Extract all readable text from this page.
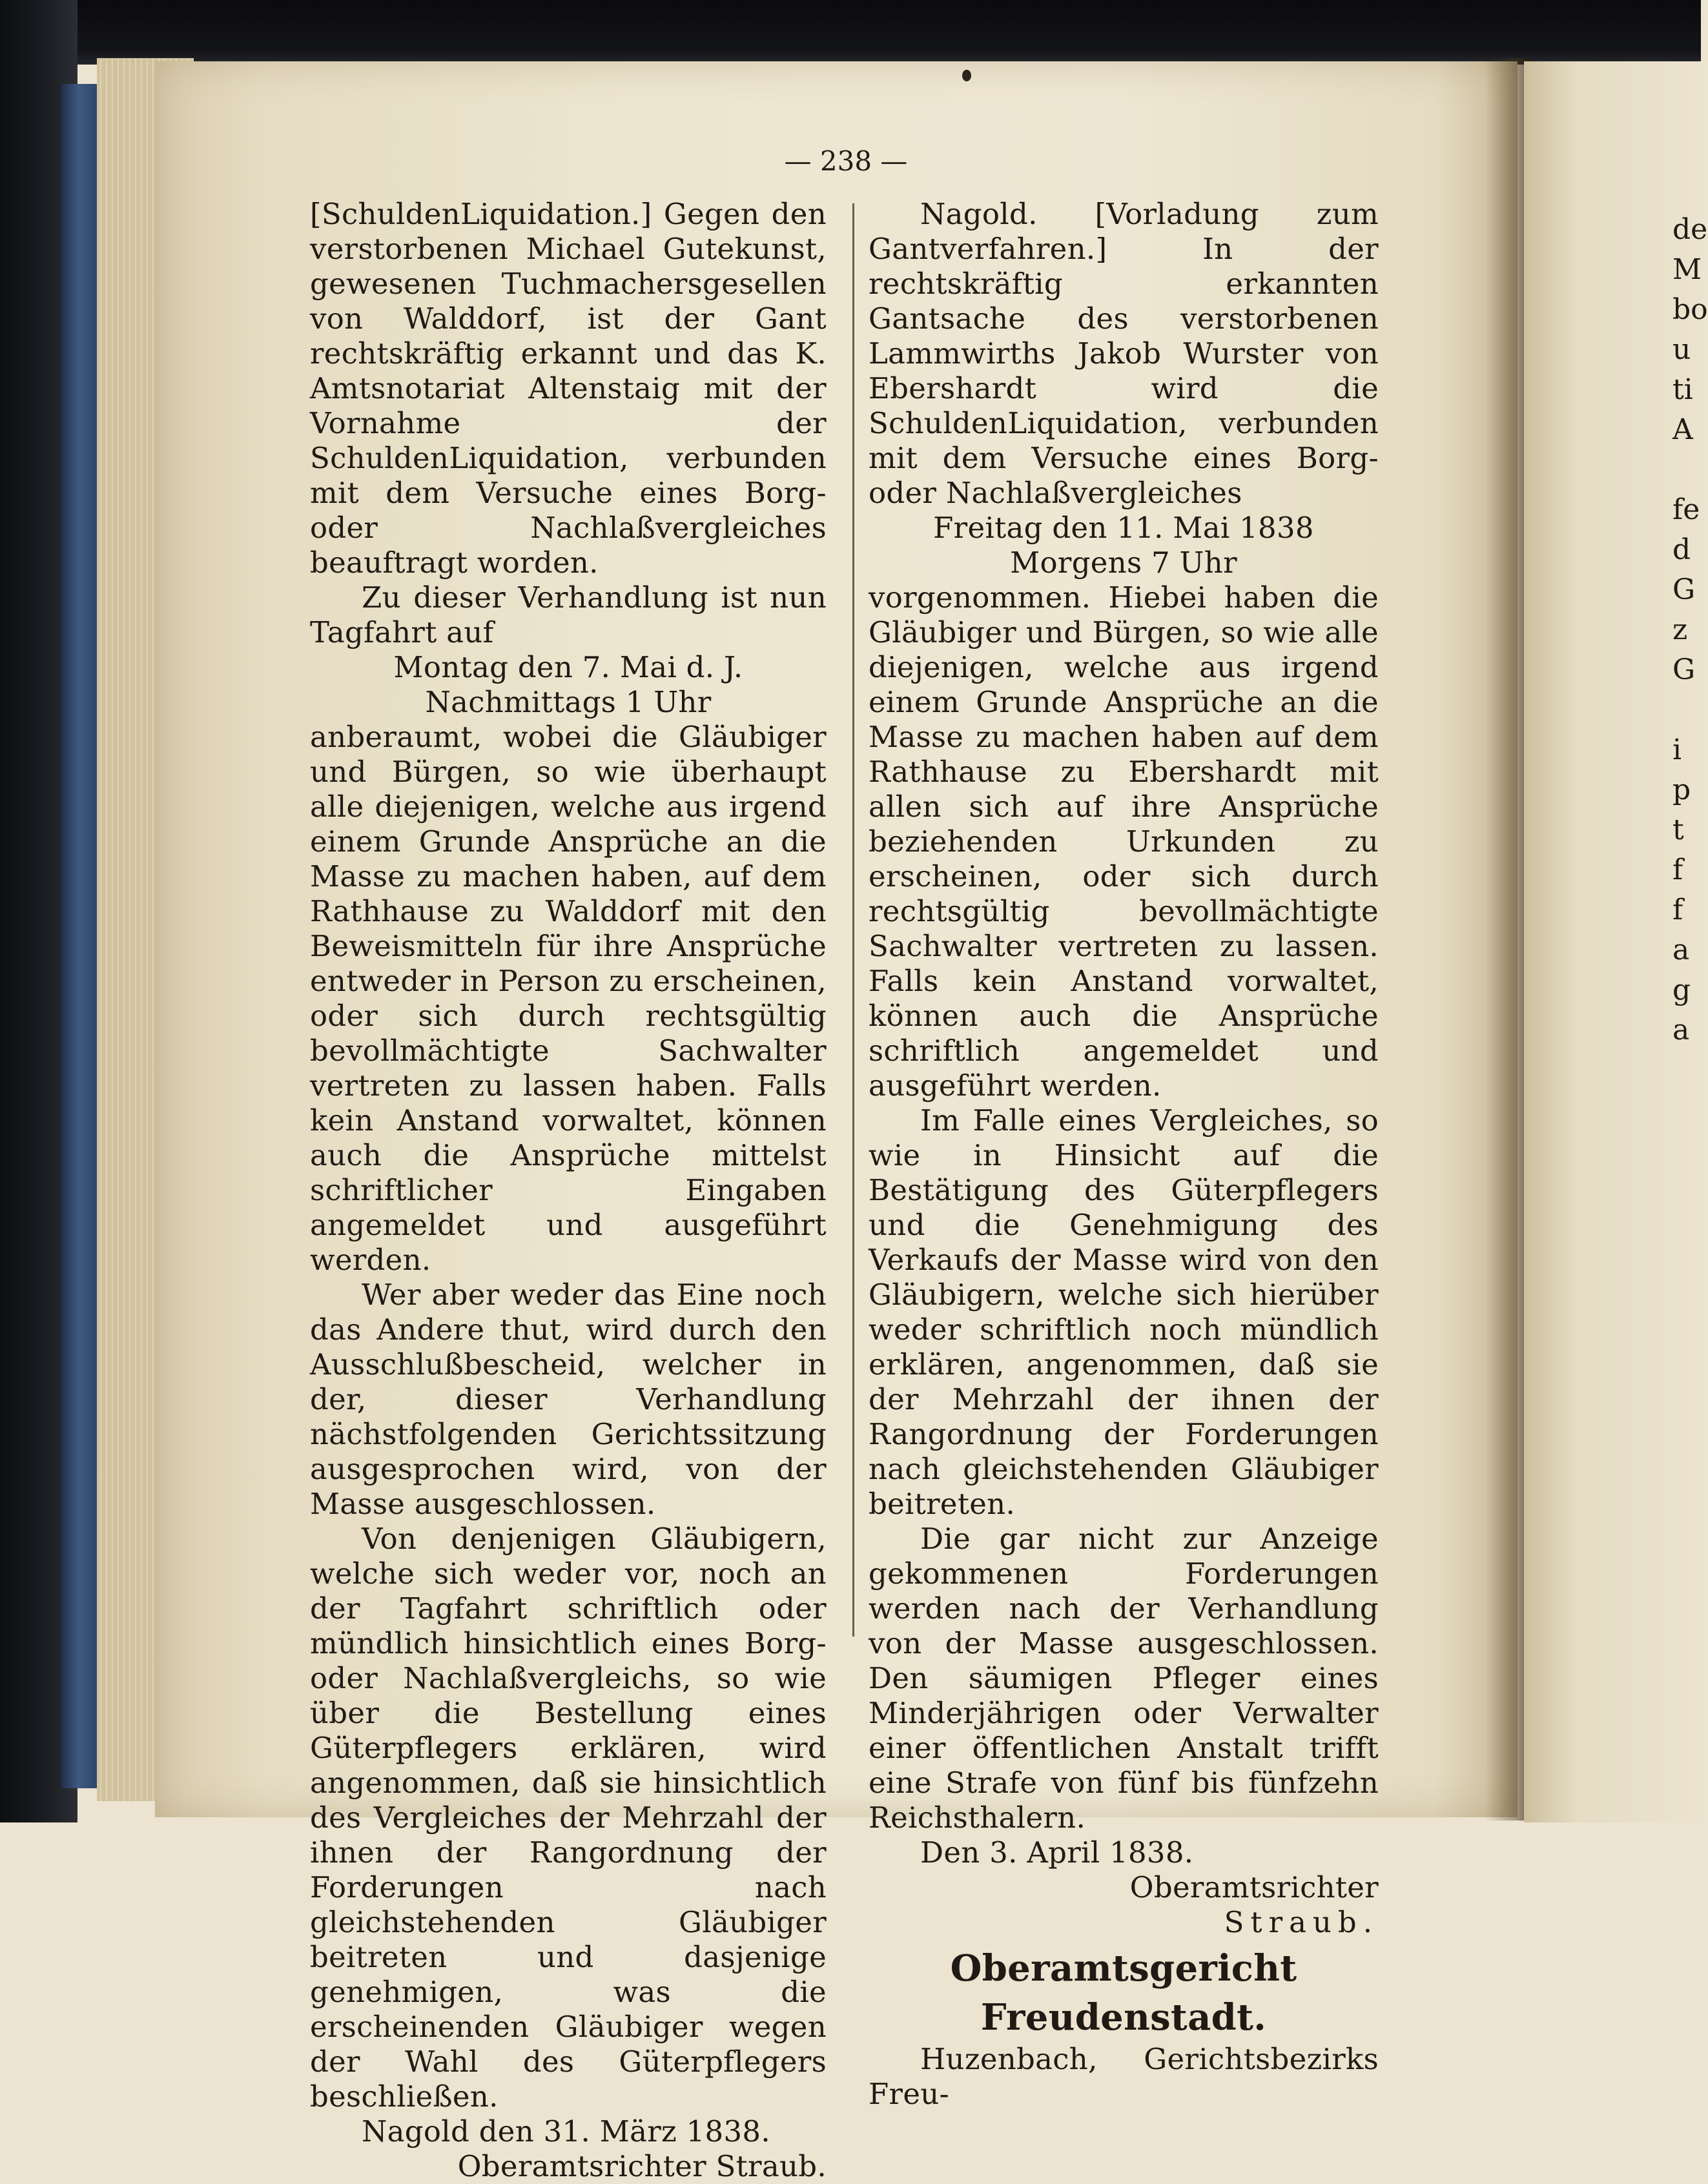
— 238 —

[SchuldenLiquidation.] Gegen den verstorbenen Michael Gutekunst, gewesenen Tuchmachersgesellen von Walddorf, ist der Gant rechtskräftig erkannt und das K. Amtsnotariat Altenstaig mit der Vornahme der SchuldenLiquidation, verbunden mit dem Versuche eines Borg- oder Nachlaßvergleiches beauftragt worden.

Zu dieser Verhandlung ist nun Tagfahrt auf

Montag den 7. Mai d. J.

Nachmittags 1 Uhr

anberaumt, wobei die Gläubiger und Bürgen, so wie überhaupt alle diejenigen, welche aus irgend einem Grunde Ansprüche an die Masse zu machen haben, auf dem Rathhause zu Walddorf mit den Beweismitteln für ihre Ansprüche entweder in Person zu erscheinen, oder sich durch rechtsgültig bevollmächtigte Sachwalter vertreten zu lassen haben. Falls kein Anstand vorwaltet, können auch die Ansprüche mittelst schriftlicher Eingaben angemeldet und ausgeführt werden.

Wer aber weder das Eine noch das Andere thut, wird durch den Ausschlußbescheid, welcher in der, dieser Verhandlung nächstfolgenden Gerichtssitzung ausgesprochen wird, von der Masse ausgeschlossen.

Von denjenigen Gläubigern, welche sich weder vor, noch an der Tagfahrt schriftlich oder mündlich hinsichtlich eines Borg- oder Nachlaßvergleichs, so wie über die Bestellung eines Güterpflegers erklären, wird angenommen, daß sie hinsichtlich des Vergleiches der Mehrzahl der ihnen der Rangordnung der Forderungen nach gleichstehenden Gläubiger beitreten und dasjenige genehmigen, was die erscheinenden Gläubiger wegen der Wahl des Güterpflegers beschließen.

Nagold den 31. März 1838.

Oberamtsrichter Straub.

Nagold. [Vorladung zum Gantverfahren.] In der rechtskräftig erkannten Gantsache des verstorbenen Lammwirths Jakob Wurster von Ebershardt wird die SchuldenLiquidation, verbunden mit dem Versuche eines Borg- oder Nachlaßvergleiches

Freitag den 11. Mai 1838

Morgens 7 Uhr

vorgenommen. Hiebei haben die Gläubiger und Bürgen, so wie alle diejenigen, welche aus irgend einem Grunde Ansprüche an die Masse zu machen haben auf dem Rathhause zu Ebershardt mit allen sich auf ihre Ansprüche beziehenden Urkunden zu erscheinen, oder sich durch rechtsgültig bevollmächtigte Sachwalter vertreten zu lassen. Falls kein Anstand vorwaltet, können auch die Ansprüche schriftlich angemeldet und ausgeführt werden.

Im Falle eines Vergleiches, so wie in Hinsicht auf die Bestätigung des Güterpflegers und die Genehmigung des Verkaufs der Masse wird von den Gläubigern, welche sich hierüber weder schriftlich noch mündlich erklären, angenommen, daß sie der Mehrzahl der ihnen der Rangordnung der Forderungen nach gleichstehenden Gläubiger beitreten.

Die gar nicht zur Anzeige gekommenen Forderungen werden nach der Verhandlung von der Masse ausgeschlossen. Den säumigen Pfleger eines Minderjährigen oder Verwalter einer öffentlichen Anstalt trifft eine Strafe von fünf bis fünfzehn Reichsthalern.

Den 3. April 1838.

Oberamtsrichter

Straub.

Oberamtsgericht Freudenstadt.

Huzenbach, Gerichtsbezirks Freu-

de
M
bo
u
ti
A

fe
d
G
z
G

i
p
t
f
f
a
g
a
